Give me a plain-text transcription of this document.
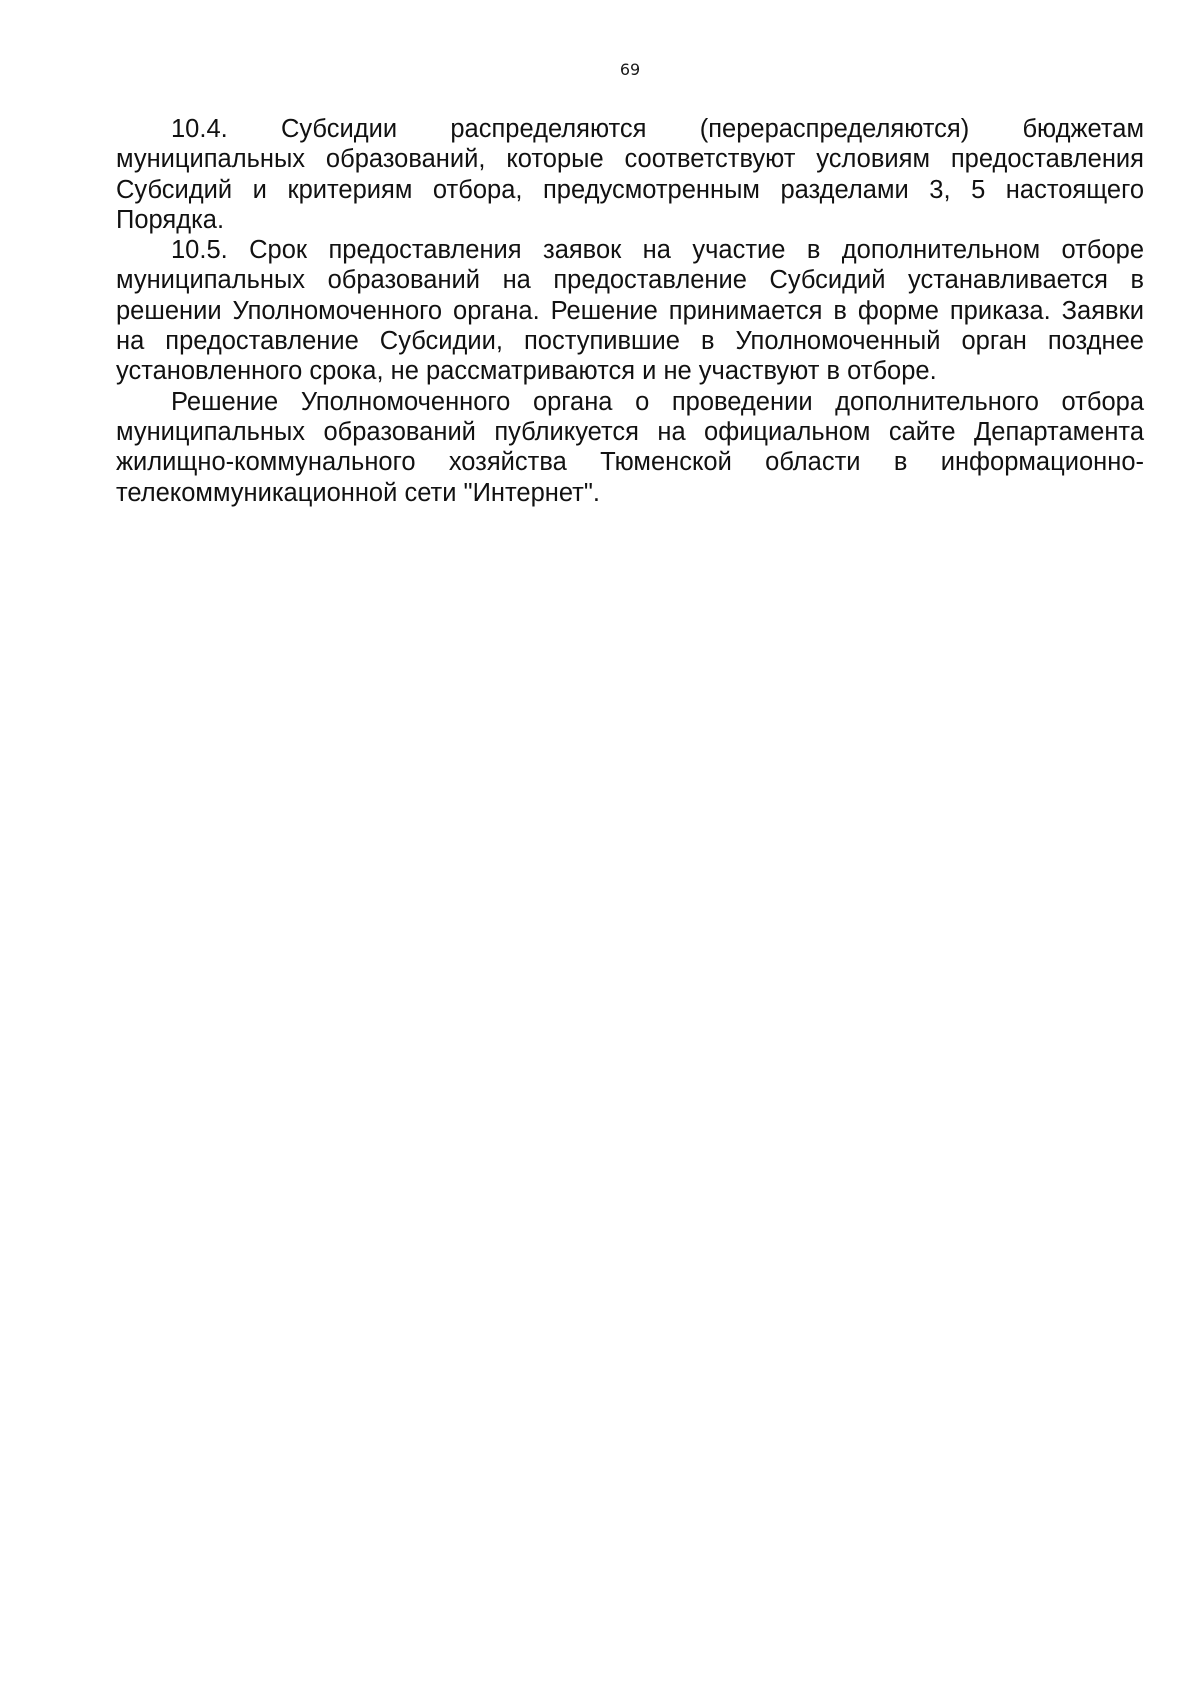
69

10.4. Субсидии распределяются (перераспределяются) бюджетам муниципальных образований, которые соответствуют условиям предоставления Субсидий и критериям отбора, предусмотренным разделами 3, 5 настоящего Порядка.

10.5. Срок предоставления заявок на участие в дополнительном отборе муниципальных образований на предоставление Субсидий устанавливается в решении Уполномоченного органа. Решение принимается в форме приказа. Заявки на предоставление Субсидии, поступившие в Уполномоченный орган позднее установленного срока, не рассматриваются и не участвуют в отборе.

Решение Уполномоченного органа о проведении дополнительного отбора муниципальных образований публикуется на официальном сайте Департамента жилищно-коммунального хозяйства Тюменской области в информационно-телекоммуникационной сети "Интернет".
